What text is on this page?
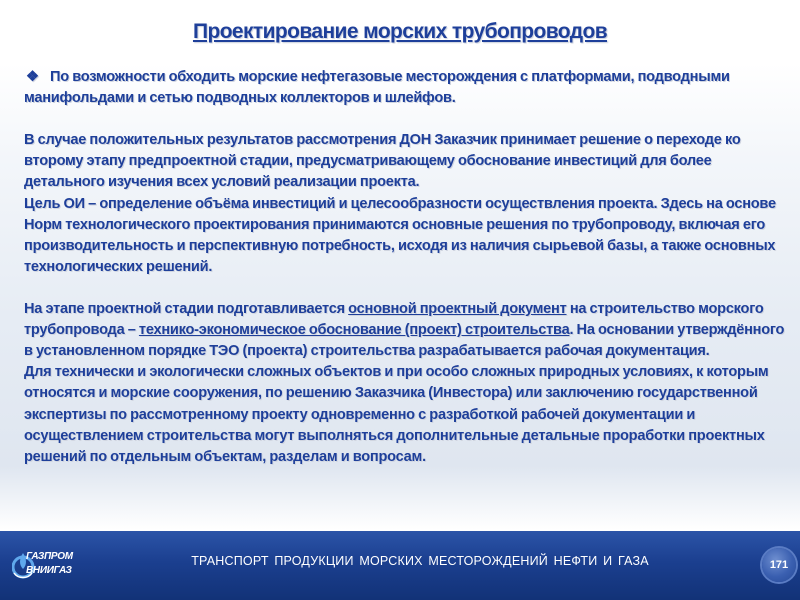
Проектирование морских трубопроводов

❖ По возможности обходить морские нефтегазовые месторождения с платформами, подводными манифольдами и сетью подводных коллекторов и шлейфов.

В случае положительных результатов рассмотрения ДОН Заказчик принимает решение о переходе ко второму этапу предпроектной стадии, предусматривающему обоснование инвестиций для более детального изучения всех условий реализации проекта.

Цель ОИ – определение объёма инвестиций и целесообразности осуществления проекта. Здесь на основе Норм технологического проектирования принимаются основные решения по трубопроводу, включая его производительность и перспективную потребность, исходя из наличия сырьевой базы, а также основных технологических решений.

На этапе проектной стадии подготавливается основной проектный документ на строительство морского трубопровода – технико-экономическое обоснование (проект) строительства. На основании утверждённого в установленном порядке ТЭО (проекта) строительства разрабатывается рабочая документация.

Для технически и экологически сложных объектов и при особо сложных природных условиях, к которым относятся и морские сооружения, по решению Заказчика (Инвестора) или заключению государственной экспертизы по рассмотренному проекту одновременно с разработкой рабочей документации и осуществлением строительства могут выполняться дополнительные детальные проработки проектных решений по отдельным объектам, разделам и вопросам.

ТРАНСПОРТ ПРОДУКЦИИ МОРСКИХ МЕСТОРОЖДЕНИЙ НЕФТИ И ГАЗА
ГАЗПРОМ
ВНИИГАЗ	171
